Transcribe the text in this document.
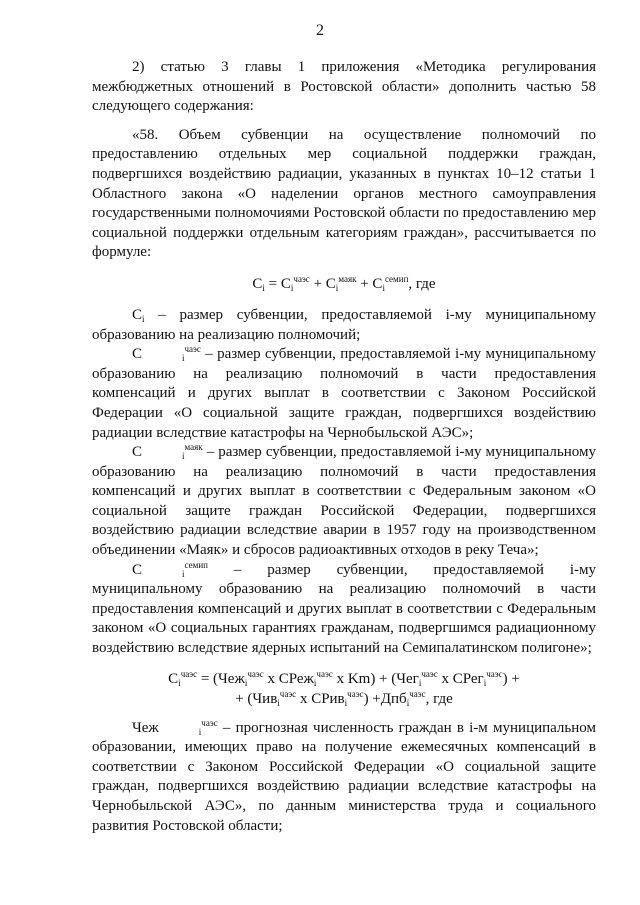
2

2) статью 3 главы 1 приложения «Методика регулирования межбюджетных отношений в Ростовской области» дополнить частью 58 следующего содержания:

«58. Объем субвенции на осуществление полномочий по предоставлению отдельных мер социальной поддержки граждан, подвергшихся воздействию радиации, указанных в пунктах 10–12 статьи 1 Областного закона «О наделении органов местного самоуправления государственными полномочиями Ростовской области по предоставлению мер социальной поддержки отдельным категориям граждан», рассчитывается по формуле:

$C_i = C_i^{чаэс} + C_i^{маяк} + C_i^{семип}$, где

$C_i$ – размер субвенции, предоставляемой i-му муниципальному образованию на реализацию полномочий;

C	$_i^{чаэс}$ – размер субвенции, предоставляемой i-му муниципальному образованию на реализацию полномочий в части предоставления компенсаций и других выплат в соответствии с Законом Российской Федерации «О социальной защите граждан, подвергшихся воздействию радиации вследствие катастрофы на Чернобыльской АЭС»;

C	$_i^{маяк}$ – размер субвенции, предоставляемой i-му муниципальному образованию на реализацию полномочий в части предоставления компенсаций и других выплат в соответствии с Федеральным законом «О социальной защите граждан Российской Федерации, подвергшихся воздействию радиации вследствие аварии в 1957 году на производственном объединении «Маяк» и сбросов радиоактивных отходов в реку Теча»;

C	$_i^{семип}$ – размер субвенции, предоставляемой i-му муниципальному образованию на реализацию полномочий в части предоставления компенсаций и других выплат в соответствии с Федеральным законом «О социальных гарантиях гражданам, подвергшимся радиационному воздействию вследствие ядерных испытаний на Семипалатинском полигоне»;

$C_i^{чаэс} = (Чеж_i^{чаэс}$ x СРеж$_i^{чаэс}$ x Km) + (Чег$_i^{чаэс}$ x СРег$_i^{чаэс}$) +
+ (Чив$_i^{чаэс}$ x СРив$_i^{чаэс}$) +Дпб$_i^{чаэс}$, где

Чеж	$_i^{чаэс}$ – прогнозная численность граждан в i-м муниципальном образовании, имеющих право на получение ежемесячных компенсаций в соответствии с Законом Российской Федерации «О социальной защите граждан, подвергшихся воздействию радиации вследствие катастрофы на Чернобыльской АЭС», по данным министерства труда и социального развития Ростовской области;
